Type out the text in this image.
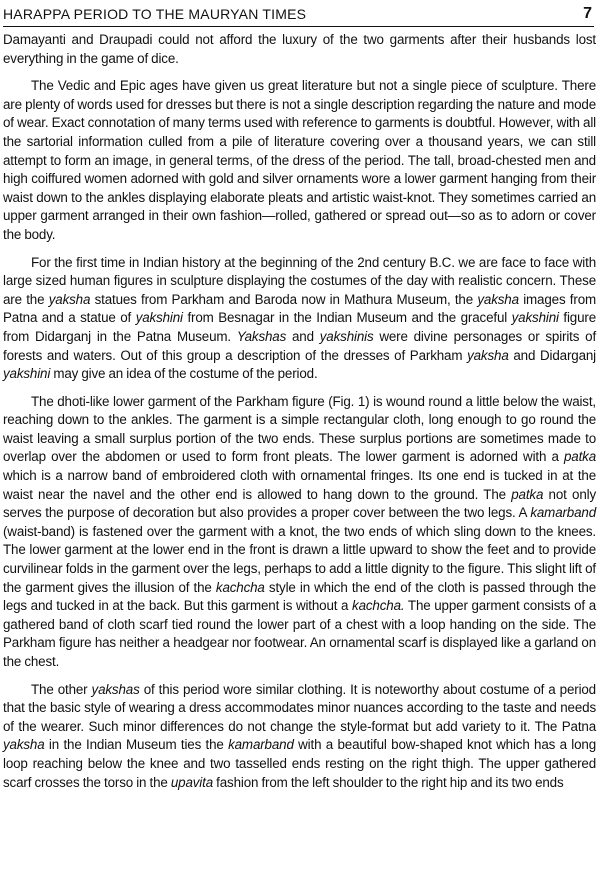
HARAPPA PERIOD TO THE MAURYAN TIMES	7

Damayanti and Draupadi could not afford the luxury of the two garments after their husbands lost everything in the game of dice.

The Vedic and Epic ages have given us great literature but not a single piece of sculpture. There are plenty of words used for dresses but there is not a single description regarding the nature and mode of wear. Exact connotation of many terms used with reference to garments is doubtful. However, with all the sartorial information culled from a pile of literature covering over a thousand years, we can still attempt to form an image, in general terms, of the dress of the period. The tall, broad-chested men and high coiffured women adorned with gold and silver ornaments wore a lower garment hanging from their waist down to the ankles displaying elaborate pleats and artistic waist-knot. They sometimes carried an upper garment arranged in their own fashion—rolled, gathered or spread out—so as to adorn or cover the body.

For the first time in Indian history at the beginning of the 2nd century B.C. we are face to face with large sized human figures in sculpture displaying the costumes of the day with realistic concern. These are the yaksha statues from Parkham and Baroda now in Mathura Museum, the yaksha images from Patna and a statue of yakshini from Besnagar in the Indian Museum and the graceful yakshini figure from Didarganj in the Patna Museum. Yakshas and yakshinis were divine personages or spirits of forests and waters. Out of this group a description of the dresses of Parkham yaksha and Didarganj yakshini may give an idea of the costume of the period.

The dhoti-like lower garment of the Parkham figure (Fig. 1) is wound round a little below the waist, reaching down to the ankles. The garment is a simple rectangular cloth, long enough to go round the waist leaving a small surplus portion of the two ends. These surplus portions are sometimes made to overlap over the abdomen or used to form front pleats. The lower garment is adorned with a patka which is a narrow band of embroidered cloth with ornamental fringes. Its one end is tucked in at the waist near the navel and the other end is allowed to hang down to the ground. The patka not only serves the purpose of decoration but also provides a proper cover between the two legs. A kamarband (waist-band) is fastened over the garment with a knot, the two ends of which sling down to the knees. The lower garment at the lower end in the front is drawn a little upward to show the feet and to provide curvilinear folds in the garment over the legs, perhaps to add a little dignity to the figure. This slight lift of the garment gives the illusion of the kachcha style in which the end of the cloth is passed through the legs and tucked in at the back. But this garment is without a kachcha. The upper garment consists of a gathered band of cloth scarf tied round the lower part of a chest with a loop handing on the side. The Parkham figure has neither a headgear nor footwear. An ornamental scarf is displayed like a garland on the chest.

The other yakshas of this period wore similar clothing. It is noteworthy about costume of a period that the basic style of wearing a dress accommodates minor nuances according to the taste and needs of the wearer. Such minor differences do not change the style-format but add variety to it. The Patna yaksha in the Indian Museum ties the kamarband with a beautiful bow-shaped knot which has a long loop reaching below the knee and two tasselled ends resting on the right thigh. The upper gathered scarf crosses the torso in the upavita fashion from the left shoulder to the right hip and its two ends
